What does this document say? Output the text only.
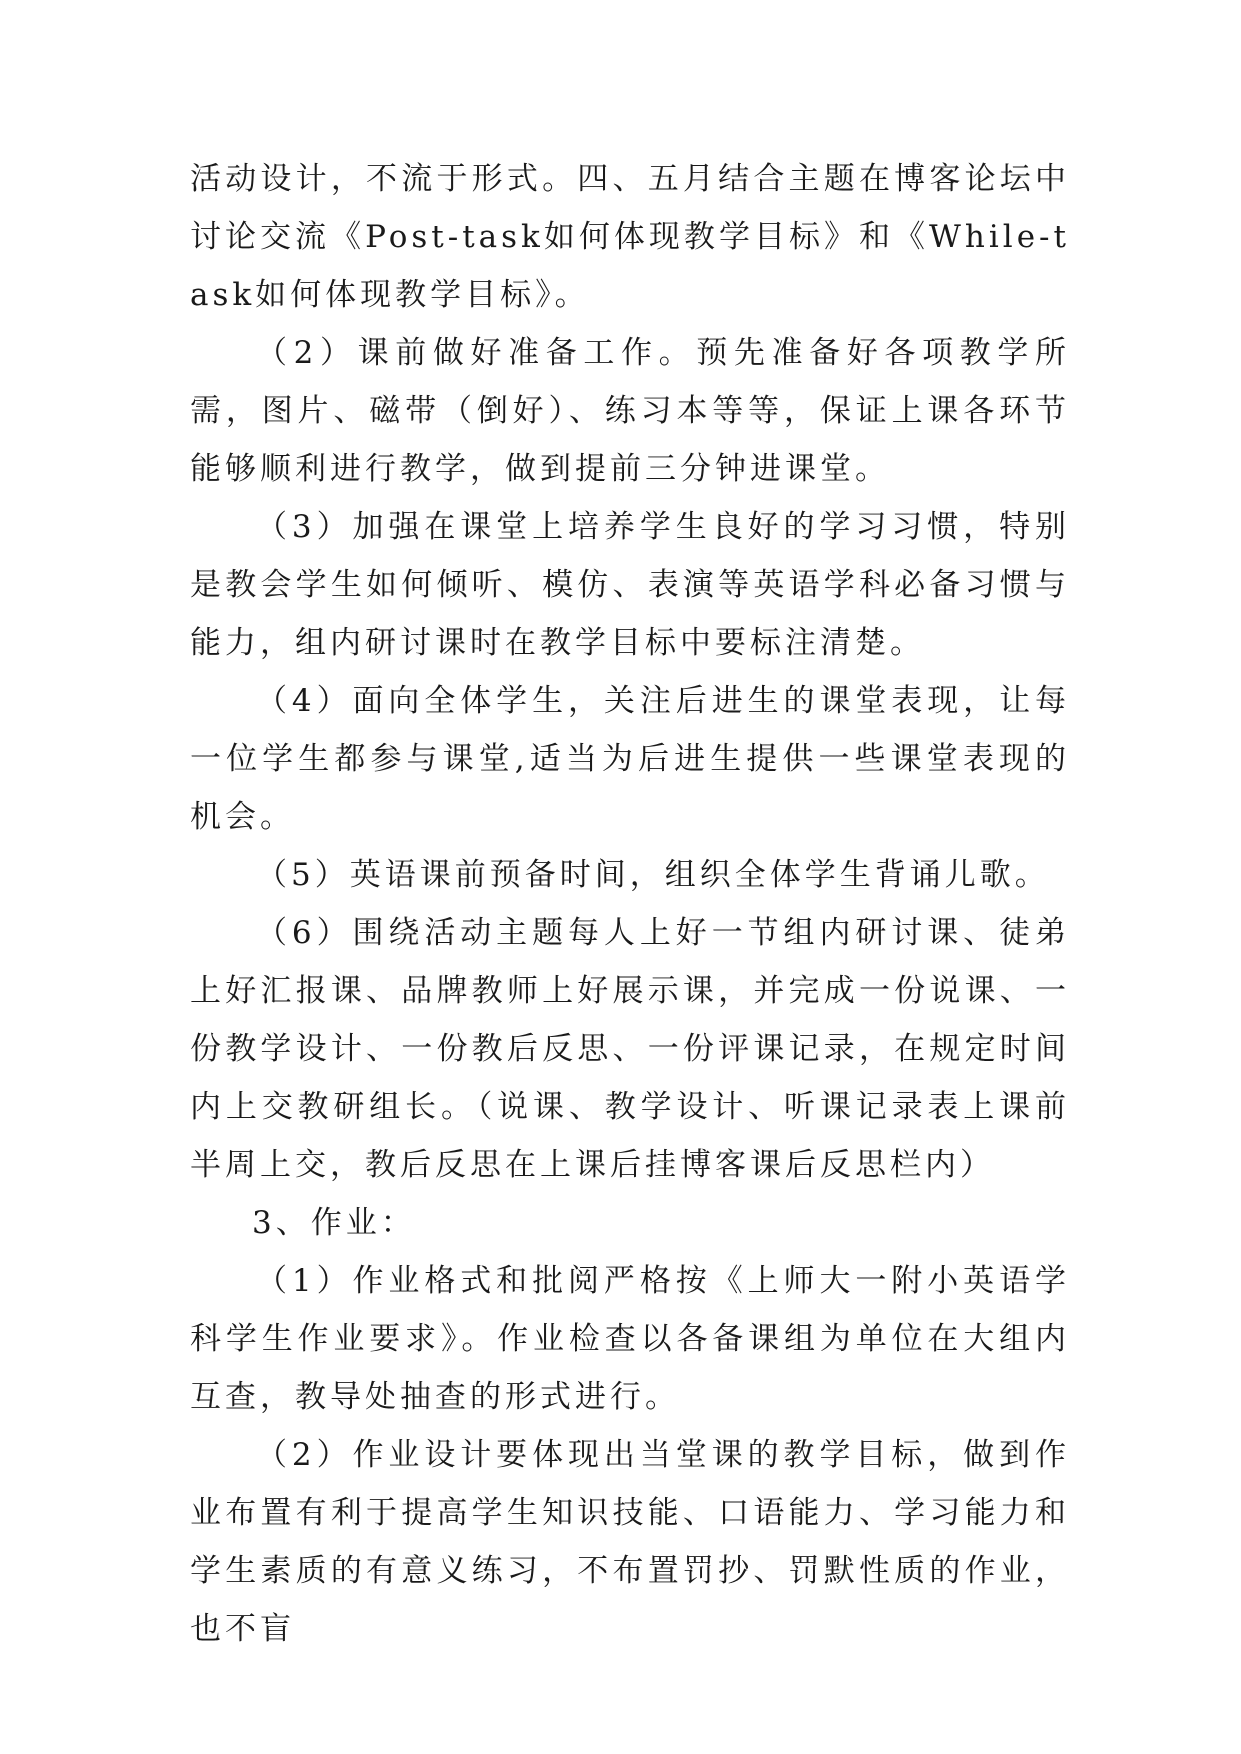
活动设计，不流于形式。四、五月结合主题在博客论坛中讨论交流《Post-task如何体现教学目标》和《While-task如何体现教学目标》。

（2）课前做好准备工作。预先准备好各项教学所需，图片、磁带（倒好）、练习本等等，保证上课各环节能够顺利进行教学，做到提前三分钟进课堂。

（3）加强在课堂上培养学生良好的学习习惯，特别是教会学生如何倾听、模仿、表演等英语学科必备习惯与能力，组内研讨课时在教学目标中要标注清楚。

（4）面向全体学生，关注后进生的课堂表现，让每一位学生都参与课堂,适当为后进生提供一些课堂表现的机会。

（5）英语课前预备时间，组织全体学生背诵儿歌。

（6）围绕活动主题每人上好一节组内研讨课、徒弟上好汇报课、品牌教师上好展示课，并完成一份说课、一份教学设计、一份教后反思、一份评课记录，在规定时间内上交教研组长。（说课、教学设计、听课记录表上课前半周上交，教后反思在上课后挂博客课后反思栏内）

3、作业：

（1）作业格式和批阅严格按《上师大一附小英语学科学生作业要求》。作业检查以各备课组为单位在大组内互查，教导处抽查的形式进行。

（2）作业设计要体现出当堂课的教学目标，做到作业布置有利于提高学生知识技能、口语能力、学习能力和学生素质的有意义练习，不布置罚抄、罚默性质的作业，也不盲
